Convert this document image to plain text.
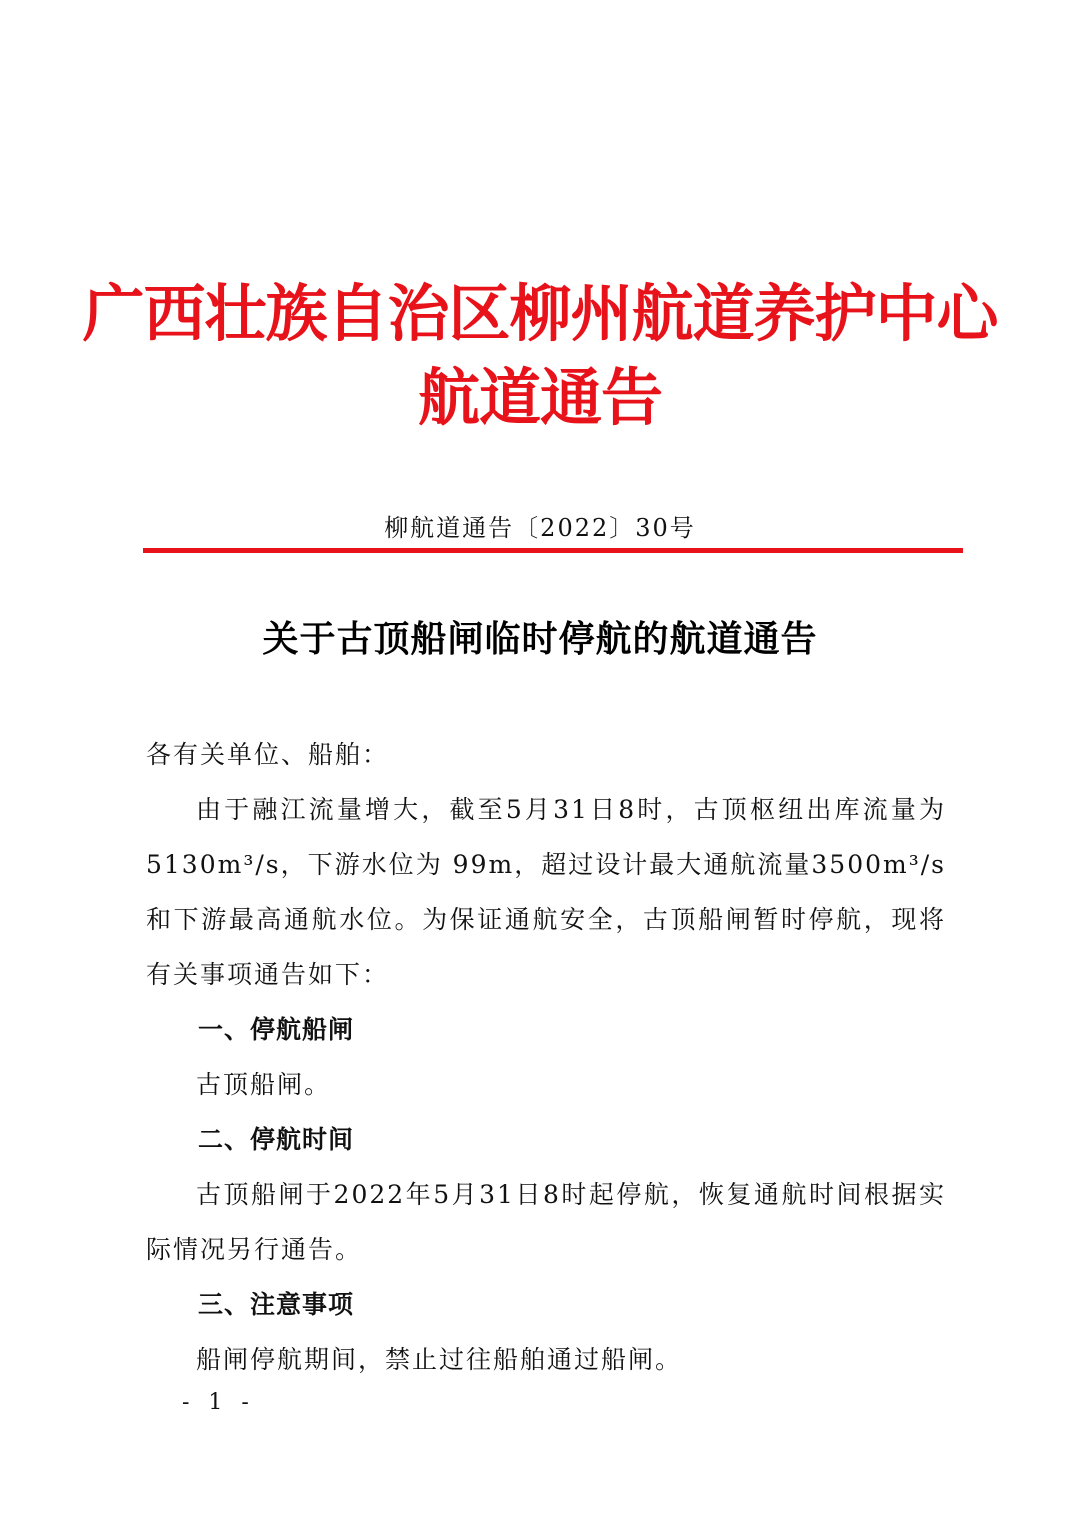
广西壮族自治区柳州航道养护中心
航道通告
柳航道通告〔2022〕30号
关于古顶船闸临时停航的航道通告

各有关单位、船舶：

由于融江流量增大，截至5月31日8时，古顶枢纽出库流量为 5130m³/s，下游水位为 99m，超过设计最大通航流量3500m³/s和下游最高通航水位。为保证通航安全，古顶船闸暂时停航，现将有关事项通告如下：

一、停航船闸

古顶船闸。

二、停航时间

古顶船闸于2022年5月31日8时起停航，恢复通航时间根据实际情况另行通告。

三、注意事项

船闸停航期间，禁止过往船舶通过船闸。

- 1 -
